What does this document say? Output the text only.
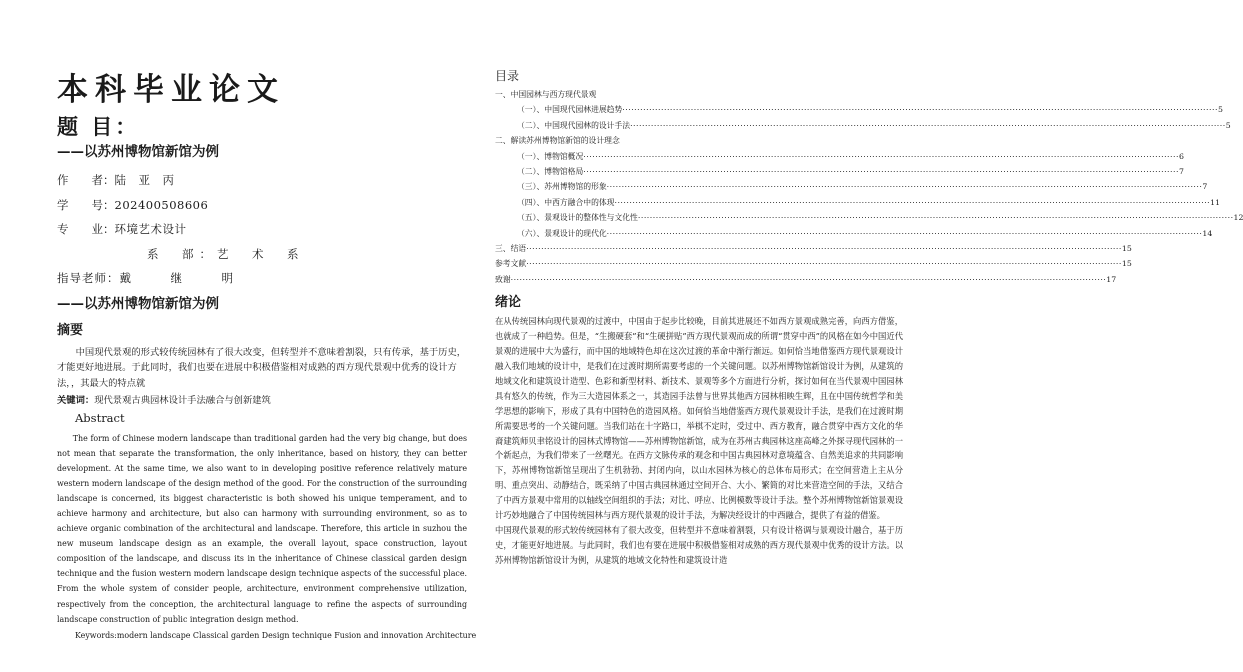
本科毕业论文
题 目：
——以苏州博物馆新馆为例
作　　者： 陆　亚　丙
学　　号： 202400508606
专　　业： 环境艺术设计
系　部：艺　术　系
指导老师： 戴　继　明
——以苏州博物馆新馆为例
摘要
中国现代景观的形式较传统园林有了很大改变，但转型并不意味着割裂，只有传承，基于历史，才能更好地进展。于此同时，我们也要在进展中积极借鉴相对成熟的西方现代景观中优秀的设计方法，，其最大的特点就
关键词：现代景观古典园林设计手法融合与创新建筑
Abstract
The form of Chinese modern landscape than traditional garden had the very big change, but does not mean that separate the transformation, the only inheritance, based on history, they can better development. At the same time, we also want to in developing positive reference relatively mature western modern landscape of the design method of the good. For the construction of the surrounding landscape is concerned, its biggest characteristic is both showed his unique temperament, and to achieve harmony and architecture, but also can harmony with surrounding environment, so as to achieve organic combination of the architectural and landscape. Therefore, this article in suzhou the new museum landscape design as an example, the overall layout, space construction, layout composition of the landscape, and discuss its in the inheritance of Chinese classical garden design technique and the fusion western modern landscape design technique aspects of the successful place. From the whole system of consider people, architecture, environment comprehensive utilization, respectively from the conception, the architectural language to refine the aspects of surrounding landscape construction of public integration design method.
Keywords:modern landscape Classical garden Design technique Fusion and innovation Architecture
目录
一、中国园林与西方现代景观
（一）、中国现代园林进展趋势 ········································································································································································································ 5
（二）、中国现代园林的设计手法 ········································································································································································································ 5
二、解读苏州博物馆新馆的设计理念
（一）、博物馆概况 ········································································································································································································ 6
（二）、博物馆格局 ········································································································································································································ 7
（三）、苏州博物馆的形象 ········································································································································································································ 7
（四）、中西方融合中的体现 ········································································································································································································ 11
（五）、景观设计的整体性与文化性 ········································································································································································································ 12
（六）、景观设计的现代化 ········································································································································································································ 14
三、结语 ········································································································································································································ 15
参考文献 ········································································································································································································ 15
致谢 ········································································································································································································ 17
绪论
在从传统园林向现代景观的过渡中，中国由于起步比较晚，目前其进展还不如西方景观成熟完善，向西方借鉴，也就成了一种趋势。但是，“生搬硬套”和“生硬拼贴”西方现代景观而成的所谓“贯穿中西”的风格在如今中国近代景观的进展中大为盛行，而中国的地域特色却在这次过渡的革命中渐行渐远。如何恰当地借鉴西方现代景观设计融入我们地域的设计中，是我们在过渡时期所需要考虑的一个关键问题。以苏州博物馆新馆设计为例，从建筑的地域文化和建筑设计造型、色彩和新型材料、新技术、景观等多个方面进行分析，探讨如何在当代景观中国园林具有悠久的传统，作为三大造园体系之一，其造园手法曾与世界其他西方园林相映生辉，且在中国传统哲学和美学思想的影响下，形成了具有中国特色的造园风格。如何恰当地借鉴西方现代景观设计手法，是我们在过渡时期所需要思考的一个关键问题。当我们站在十字路口，举棋不定时，受过中、西方教育，融合贯穿中西方文化的华裔建筑师贝聿铭设计的园林式博物馆——苏州博物馆新馆，成为在苏州古典园林这座高峰之外探寻现代园林的一个新起点，为我们带来了一丝曙光。在西方文脉传承的观念和中国古典园林对意境蕴含、自然美追求的共同影响下，苏州博物馆新馆呈现出了生机勃勃、封闭内向，以山水园林为核心的总体布局形式；在空间营造上主从分明、重点突出、动静结合，既采纳了中国古典园林通过空间开合、大小、繁简的对比来营造空间的手法，又结合了中西方景观中常用的以轴线空间组织的手法；对比、呼应、比例模数等设计手法。整个苏州博物馆新馆景观设计巧妙地融合了中国传统园林与西方现代景观的设计手法，为解决经设计的中西融合，提供了有益的借鉴。
中国现代景观的形式较传统园林有了很大改变，但转型并不意味着割裂，只有设计格调与景观设计融合，基于历史，才能更好地进展。与此同时，我们也有要在进展中积极借鉴相对成熟的西方现代景观中优秀的设计方法。以苏州博物馆新馆设计为例，从建筑的地域文化特性和建筑设计造
